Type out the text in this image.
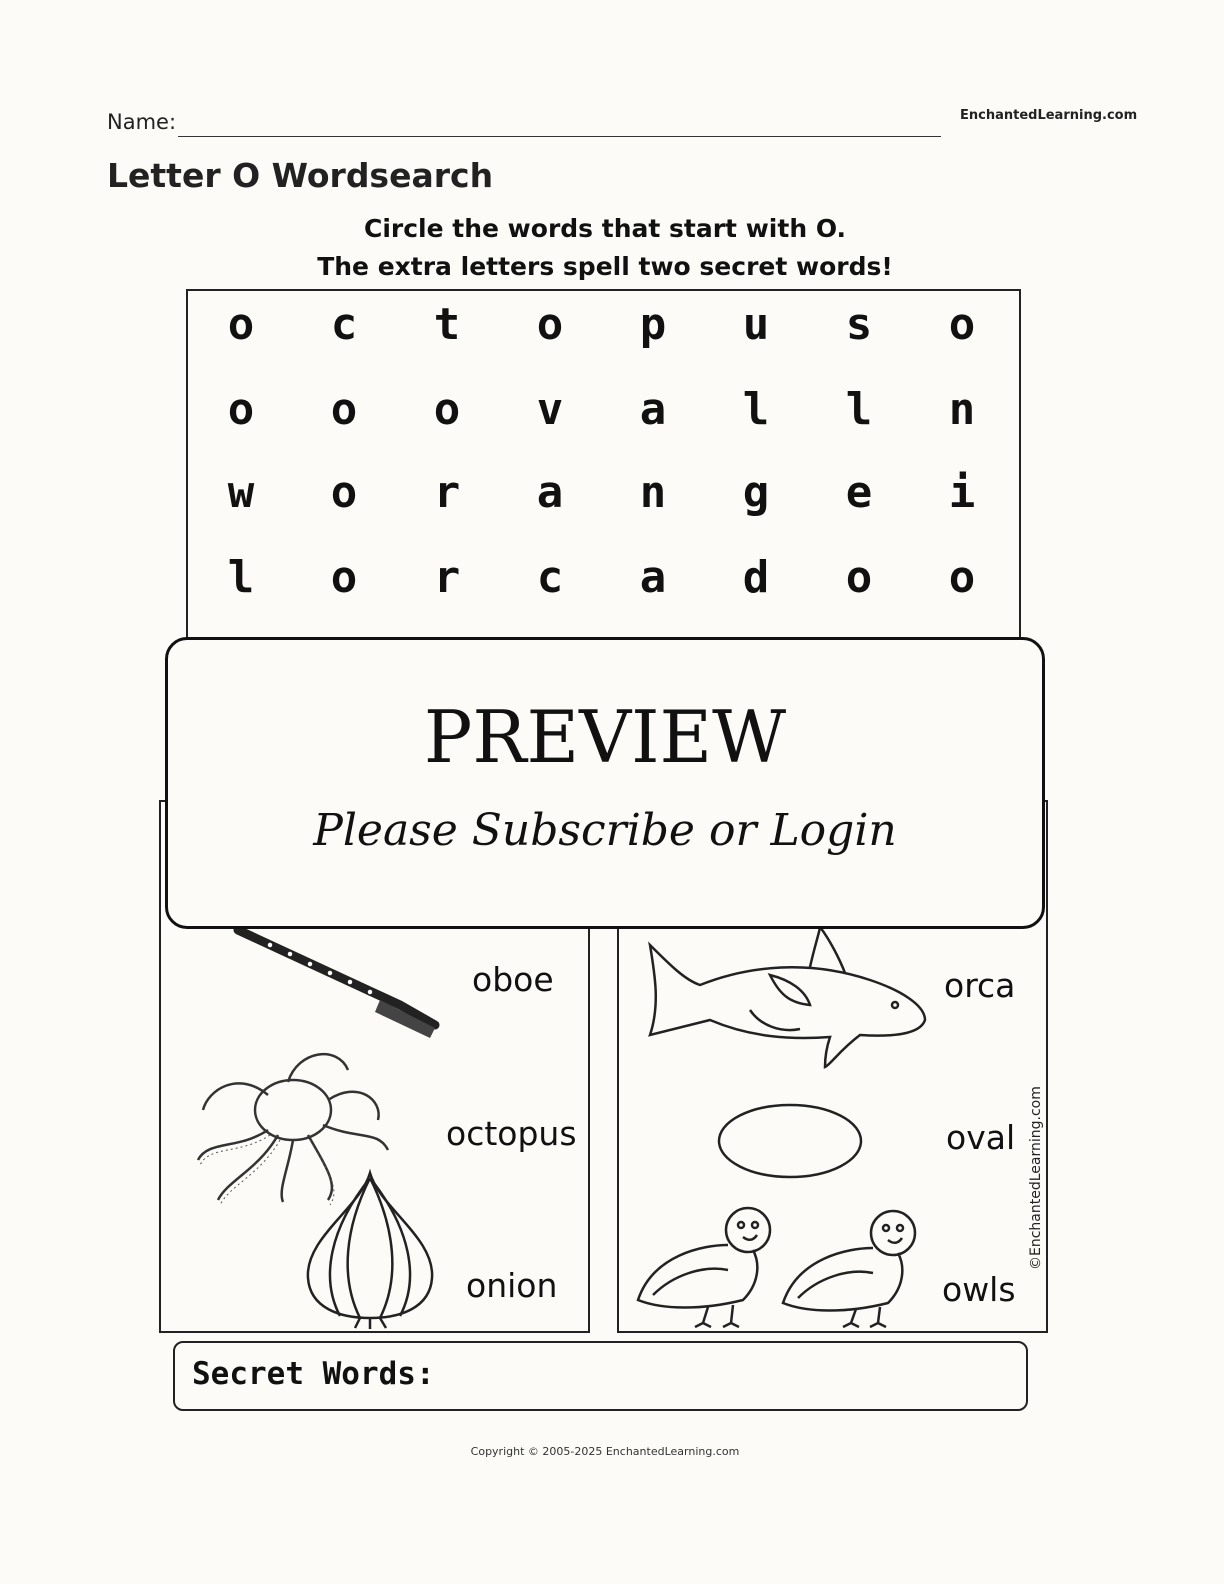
Name:	EnchantedLearning.com
Letter O Wordsearch
Circle the words that start with O.
The extra letters spell two secret words!
oboe
octopus
onion
orca
oval
owls
©EnchantedLearning.com
PREVIEW
Please Subscribe or Login
Secret Words:
Copyright © 2005-2025 EnchantedLearning.com
o	c	t	o	p	u	s	o
o	o	o	v	a	l	l	n
w	o	r	a	n	g	e	i
l	o	r	c	a	d	o	o
